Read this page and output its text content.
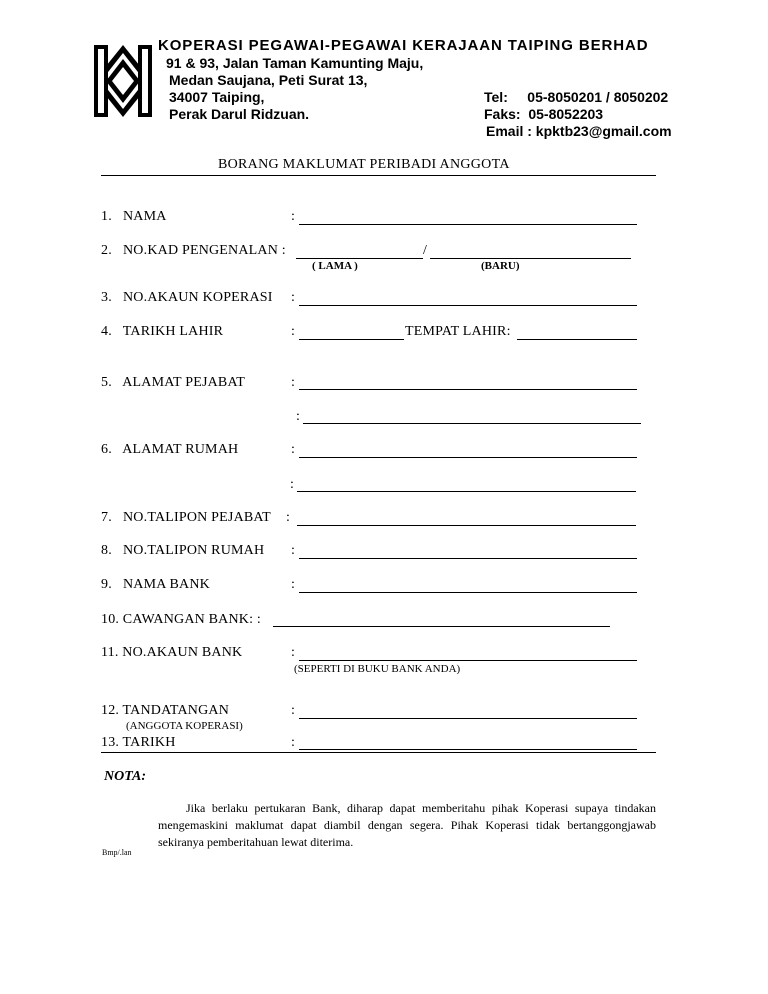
KOPERASI PEGAWAI-PEGAWAI KERAJAAN TAIPING BERHAD
91 & 93, Jalan Taman Kamunting Maju,
Medan Saujana, Peti Surat 13,
34007 Taiping,
Perak Darul Ridzuan.
Tel:     05-8050201 / 8050202
Faks:  05-8052203
Email : kpktb23@gmail.com
BORANG MAKLUMAT PERIBADI ANGGOTA
1.   NAMA	:
2.   NO.KAD PENGENALAN :	/
( LAMA )	(BARU)
3.   NO.AKAUN KOPERASI :
4.   TARIKH LAHIR	:	TEMPAT LAHIR:
5.   ALAMAT PEJABAT	:
:
6.   ALAMAT RUMAH	:
:
7.   NO.TALIPON PEJABAT :
8.   NO.TALIPON RUMAH :
9.   NAMA BANK	:
10. CAWANGAN BANK: :
11. NO.AKAUN BANK	:
(SEPERTI DI BUKU BANK ANDA)
12. TANDATANGAN	:
(ANGGOTA KOPERASI)
13. TARIKH	:
NOTA:

Jika berlaku pertukaran Bank, diharap dapat memberitahu pihak Koperasi supaya tindakan mengemaskini maklumat dapat diambil dengan segera. Pihak Koperasi tidak bertanggongjawab sekiranya pemberitahuan lewat diterima.

Bmp/.lan
